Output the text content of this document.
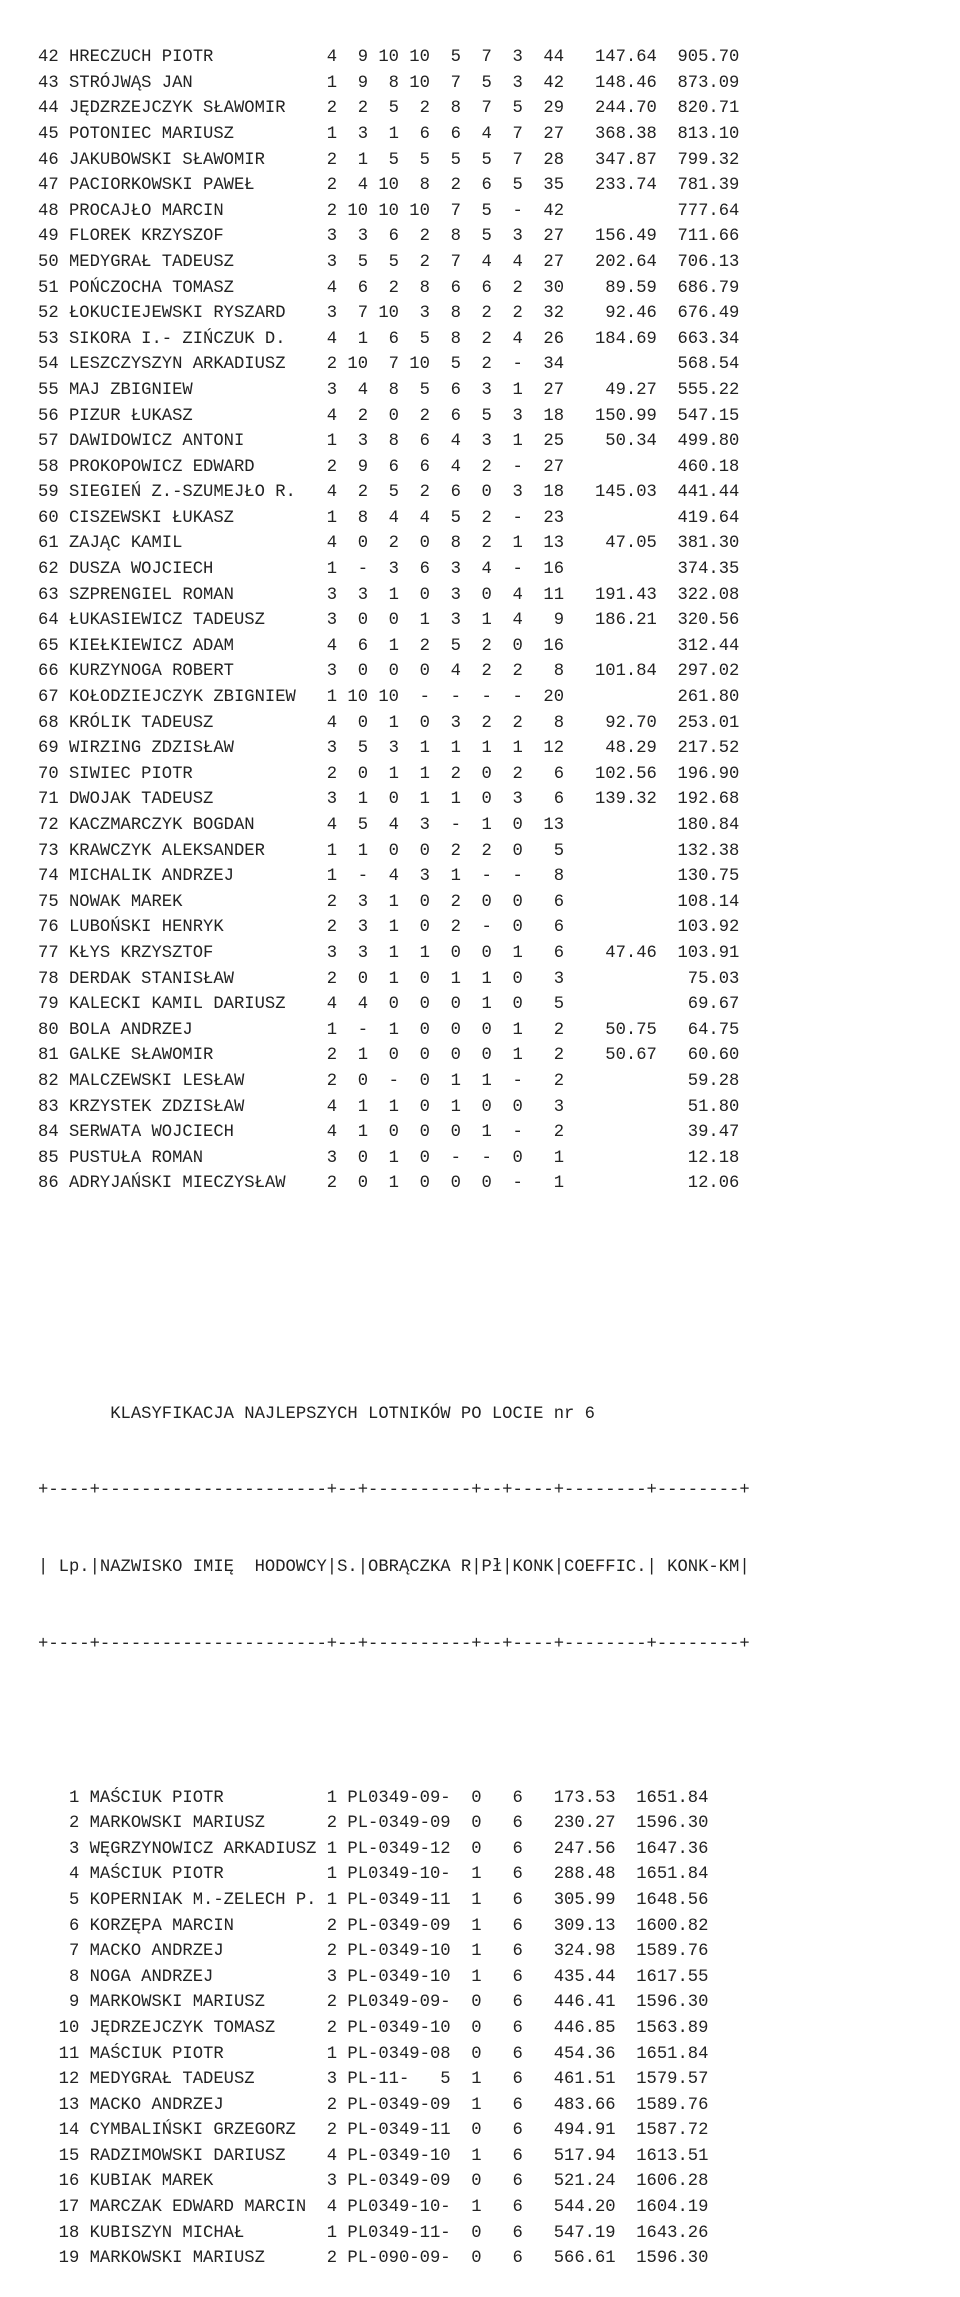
42 HRECZUCH PIOTR           4  9 10 10  5  7  3  44   147.64  905.70
43 STRÓJWĄS JAN             1  9  8 10  7  5  3  42   148.46  873.09
44 JĘDZRZEJCZYK SŁAWOMIR    2  2  5  2  8  7  5  29   244.70  820.71
45 POTONIEC MARIUSZ         1  3  1  6  6  4  7  27   368.38  813.10
46 JAKUBOWSKI SŁAWOMIR      2  1  5  5  5  5  7  28   347.87  799.32
47 PACIORKOWSKI PAWEŁ       2  4 10  8  2  6  5  35   233.74  781.39
48 PROCAJŁO MARCIN          2 10 10 10  7  5  -  42           777.64
49 FLOREK KRZYSZOF          3  3  6  2  8  5  3  27   156.49  711.66
50 MEDYGRAŁ TADEUSZ         3  5  5  2  7  4  4  27   202.64  706.13
51 POŃCZOCHA TOMASZ         4  6  2  8  6  6  2  30    89.59  686.79
52 ŁOKUCIEJEWSKI RYSZARD    3  7 10  3  8  2  2  32    92.46  676.49
53 SIKORA I.- ZIŃCZUK D.    4  1  6  5  8  2  4  26   184.69  663.34
54 LESZCZYSZYN ARKADIUSZ    2 10  7 10  5  2  -  34           568.54
55 MAJ ZBIGNIEW             3  4  8  5  6  3  1  27    49.27  555.22
56 PIZUR ŁUKASZ             4  2  0  2  6  5  3  18   150.99  547.15
57 DAWIDOWICZ ANTONI        1  3  8  6  4  3  1  25    50.34  499.80
58 PROKOPOWICZ EDWARD       2  9  6  6  4  2  -  27           460.18
59 SIEGIEŃ Z.-SZUMEJŁO R.   4  2  5  2  6  0  3  18   145.03  441.44
60 CISZEWSKI ŁUKASZ         1  8  4  4  5  2  -  23           419.64
61 ZAJĄC KAMIL              4  0  2  0  8  2  1  13    47.05  381.30
62 DUSZA WOJCIECH           1  -  3  6  3  4  -  16           374.35
63 SZPRENGIEL ROMAN         3  3  1  0  3  0  4  11   191.43  322.08
64 ŁUKASIEWICZ TADEUSZ      3  0  0  1  3  1  4   9   186.21  320.56
65 KIEŁKIEWICZ ADAM         4  6  1  2  5  2  0  16           312.44
66 KURZYNOGA ROBERT         3  0  0  0  4  2  2   8   101.84  297.02
67 KOŁODZIEJCZYK ZBIGNIEW   1 10 10  -  -  -  -  20           261.80
68 KRÓLIK TADEUSZ           4  0  1  0  3  2  2   8    92.70  253.01
69 WIRZING ZDZISŁAW         3  5  3  1  1  1  1  12    48.29  217.52
70 SIWIEC PIOTR             2  0  1  1  2  0  2   6   102.56  196.90
71 DWOJAK TADEUSZ           3  1  0  1  1  0  3   6   139.32  192.68
72 KACZMARCZYK BOGDAN       4  5  4  3  -  1  0  13           180.84
73 KRAWCZYK ALEKSANDER      1  1  0  0  2  2  0   5           132.38
74 MICHALIK ANDRZEJ         1  -  4  3  1  -  -   8           130.75
75 NOWAK MAREK              2  3  1  0  2  0  0   6           108.14
76 LUBOŃSKI HENRYK          2  3  1  0  2  -  0   6           103.92
77 KŁYS KRZYSZTOF           3  3  1  1  0  0  1   6    47.46  103.91
78 DERDAK STANISŁAW         2  0  1  0  1  1  0   3            75.03
79 KALECKI KAMIL DARIUSZ    4  4  0  0  0  1  0   5            69.67
80 BOLA ANDRZEJ             1  -  1  0  0  0  1   2    50.75   64.75
81 GALKE SŁAWOMIR           2  1  0  0  0  0  1   2    50.67   60.60
82 MALCZEWSKI LESŁAW        2  0  -  0  1  1  -   2            59.28
83 KRZYSTEK ZDZISŁAW        4  1  1  0  1  0  0   3            51.80
84 SERWATA WOJCIECH         4  1  0  0  0  1  -   2            39.47
85 PUSTUŁA ROMAN            3  0  1  0  -  -  0   1            12.18
86 ADRYJAŃSKI MIECZYSŁAW    2  0  1  0  0  0  -   1            12.06

KLASYFIKACJA NAJLEPSZYCH LOTNIKÓW PO LOCIE nr 6

+----+----------------------+--+----------+--+----+--------+--------+

| Lp.|NAZWISKO IMIĘ  HODOWCY|S.|OBRĄCZKA R|Pł|KONK|COEFFIC.| KONK-KM|

+----+----------------------+--+----------+--+----+--------+--------+

1 MAŚCIUK PIOTR          1 PL0349-09-  0   6   173.53  1651.84
2 MARKOWSKI MARIUSZ      2 PL-0349-09  0   6   230.27  1596.30
3 WĘGRZYNOWICZ ARKADIUSZ 1 PL-0349-12  0   6   247.56  1647.36
4 MAŚCIUK PIOTR          1 PL0349-10-  1   6   288.48  1651.84
5 KOPERNIAK M.-ZELECH P. 1 PL-0349-11  1   6   305.99  1648.56
6 KORZĘPA MARCIN         2 PL-0349-09  1   6   309.13  1600.82
7 MACKO ANDRZEJ          2 PL-0349-10  1   6   324.98  1589.76
8 NOGA ANDRZEJ           3 PL-0349-10  1   6   435.44  1617.55
9 MARKOWSKI MARIUSZ      2 PL0349-09-  0   6   446.41  1596.30
10 JĘDRZEJCZYK TOMASZ     2 PL-0349-10  0   6   446.85  1563.89
11 MAŚCIUK PIOTR          1 PL-0349-08  0   6   454.36  1651.84
12 MEDYGRAŁ TADEUSZ       3 PL-11-   5  1   6   461.51  1579.57
13 MACKO ANDRZEJ          2 PL-0349-09  1   6   483.66  1589.76
14 CYMBALIŃSKI GRZEGORZ   2 PL-0349-11  0   6   494.91  1587.72
15 RADZIMOWSKI DARIUSZ    4 PL-0349-10  1   6   517.94  1613.51
16 KUBIAK MAREK           3 PL-0349-09  0   6   521.24  1606.28
17 MARCZAK EDWARD MARCIN  4 PL0349-10-  1   6   544.20  1604.19
18 KUBISZYN MICHAŁ        1 PL0349-11-  0   6   547.19  1643.26
19 MARKOWSKI MARIUSZ      2 PL-090-09-  0   6   566.61  1596.30
